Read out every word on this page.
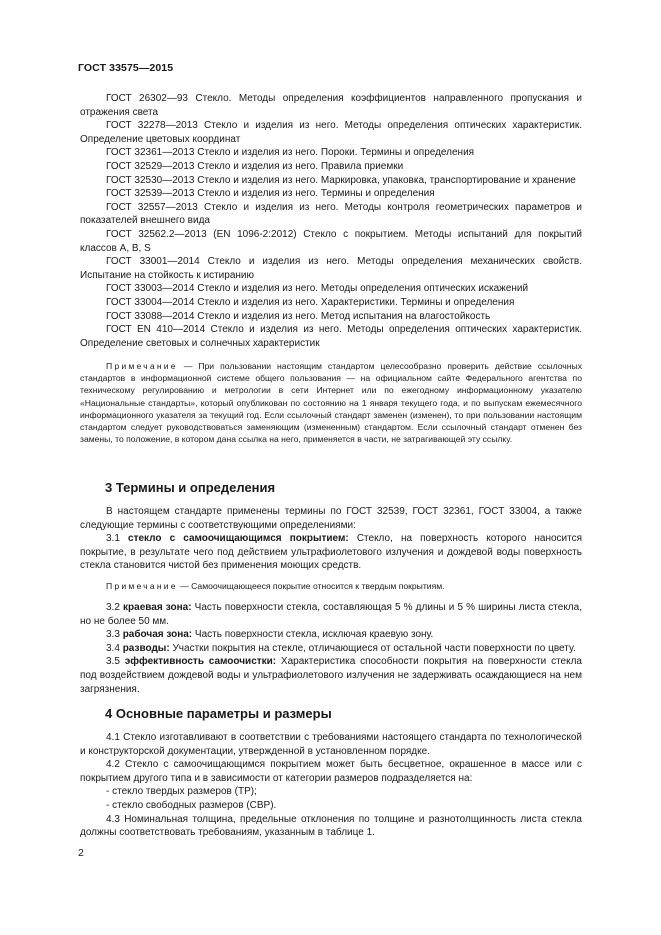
ГОСТ 33575—2015

ГОСТ 26302—93 Стекло. Методы определения коэффициентов направленного пропускания и отражения света

ГОСТ 32278—2013 Стекло и изделия из него. Методы определения оптических характеристик. Определение цветовых координат

ГОСТ 32361—2013 Стекло и изделия из него. Пороки. Термины и определения

ГОСТ 32529—2013 Стекло и изделия из него. Правила приемки

ГОСТ 32530—2013 Стекло и изделия из него. Маркировка, упаковка, транспортирование и хранение

ГОСТ 32539—2013 Стекло и изделия из него. Термины и определения

ГОСТ 32557—2013 Стекло и изделия из него. Методы контроля геометрических параметров и показателей внешнего вида

ГОСТ 32562.2—2013 (EN 1096-2:2012) Стекло с покрытием. Методы испытаний для покрытий классов A, B, S

ГОСТ 33001—2014 Стекло и изделия из него. Методы определения механических свойств. Испытание на стойкость к истиранию

ГОСТ 33003—2014 Стекло и изделия из него. Методы определения оптических искажений

ГОСТ 33004—2014 Стекло и изделия из него. Характеристики. Термины и определения

ГОСТ 33088—2014 Стекло и изделия из него. Метод испытания на влагостойкость

ГОСТ EN 410—2014 Стекло и изделия из него. Методы определения оптических характеристик. Определение световых и солнечных характеристик

Примечание — При пользовании настоящим стандартом целесообразно проверить действие ссылочных стандартов в информационной системе общего пользования — на официальном сайте Федерального агентства по техническому регулированию и метрологии в сети Интернет или по ежегодному информационному указателю «Национальные стандарты», который опубликован по состоянию на 1 января текущего года, и по выпускам ежемесячного информационного указателя за текущий год. Если ссылочный стандарт заменен (изменен), то при пользовании настоящим стандартом следует руководствоваться заменяющим (измененным) стандартом. Если ссылочный стандарт отменен без замены, то положение, в котором дана ссылка на него, применяется в части, не затрагивающей эту ссылку.

3 Термины и определения

В настоящем стандарте применены термины по ГОСТ 32539, ГОСТ 32361, ГОСТ 33004, а также следующие термины с соответствующими определениями:

3.1 стекло с самоочищающимся покрытием: Стекло, на поверхность которого наносится покрытие, в результате чего под действием ультрафиолетового излучения и дождевой воды поверхность стекла становится чистой без применения моющих средств.

Примечание — Самоочищающееся покрытие относится к твердым покрытиям.

3.2 краевая зона: Часть поверхности стекла, составляющая 5 % длины и 5 % ширины листа стекла, но не более 50 мм.

3.3 рабочая зона: Часть поверхности стекла, исключая краевую зону.

3.4 разводы: Участки покрытия на стекле, отличающиеся от остальной части поверхности по цвету.

3.5 эффективность самоочистки: Характеристика способности покрытия на поверхности стекла под воздействием дождевой воды и ультрафиолетового излучения не задерживать осаждающиеся на нем загрязнения.

4 Основные параметры и размеры

4.1 Стекло изготавливают в соответствии с требованиями настоящего стандарта по технологической и конструкторской документации, утвержденной в установленном порядке.

4.2 Стекло с самоочищающимся покрытием может быть бесцветное, окрашенное в массе или с покрытием другого типа и в зависимости от категории размеров подразделяется на:

- стекло твердых размеров (ТР);

- стекло свободных размеров (СВР).

4.3 Номинальная толщина, предельные отклонения по толщине и разнотолщинность листа стекла должны соответствовать требованиям, указанным в таблице 1.

2
